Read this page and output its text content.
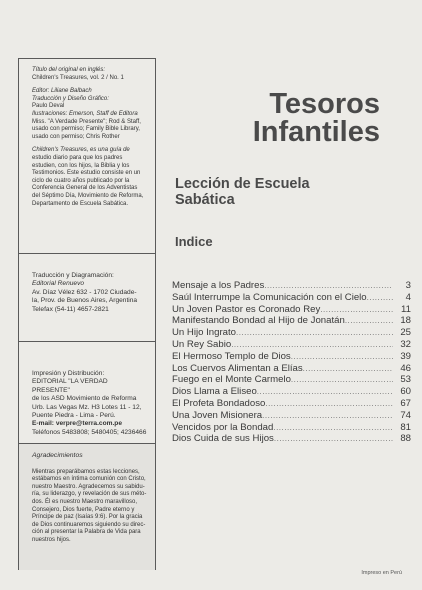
Título del original en inglés:
Children's Treasures, vol. 2 / No. 1
Editor: Liliane Balbach
Traducción y Diseño Gráfico:
Paulo Deval
Ilustraciones: Emerson, Staff de Editora
Miss. "A Verdade Presente"; Rod & Staff,
usado con permiso; Family Bible Library,
usado con permiso; Chris Rother
Children's Treasures, es una guía de
estudio diario para que los padres
estudien, con los hijos, la Biblia y los
Testimonios. Este estudio consiste en un
ciclo de cuatro años publicado por la
Conferencia General de los Adventistas
del Séptimo Día, Movimiento de Reforma,
Departamento de Escuela Sabática.
Traducción y Diagramación:
Editorial Renuevo
Av. Díaz Vélez 632 - 1702 Ciudade-
la, Prov. de Buenos Aires, Argentina
Telefax (54-11) 4657-2821
Impresión y Distribución:
EDITORIAL "LA VERDAD PRESENTE"
de los ASD Movimiento de Reforma
Urb. Las Vegas Mz. H3 Lotes 11 - 12,
Puente Piedra - Lima - Perú.
E-mail: verpre@terra.com.pe
Teléfonos 5483808; 5480405; 4236466
Agradecimientos
Mientras preparábamos estas lecciones,
estábamos en íntima comunión con Cristo,
nuestro Maestro. Agradecemos su sabidu-
ría, su liderazgo, y revelación de sus méto-
dos. Él es nuestro Maestro maravilloso,
Consejero, Dios fuerte, Padre eterno y
Príncipe de paz (Isaías 9:6). Por la gracia
de Dios continuaremos siguiendo su direc-
ción al presentar la Palabra de Vida para
nuestros hijos.
Tesoros
Infantiles
Lección de Escuela
Sabática
Indice
Mensaje a los Padres .....	3
Saúl Interrumpe la Comunicación con el Cielo .....	4
Un Joven Pastor es Coronado Rey .....	11
Manifestando Bondad al Hijo de Jonatán .....	18
Un Hijo Ingrato .....	25
Un Rey Sabio .....	32
El Hermoso Templo de Dios .....	39
Los Cuervos Alimentan a Elías .....	46
Fuego en el Monte Carmelo .....	53
Dios Llama a Eliseo .....	60
El Profeta Bondadoso .....	67
Una Joven Misionera .....	74
Vencidos por la Bondad .....	81
Dios Cuida de sus Hijos .....	88
Impreso en Perú
